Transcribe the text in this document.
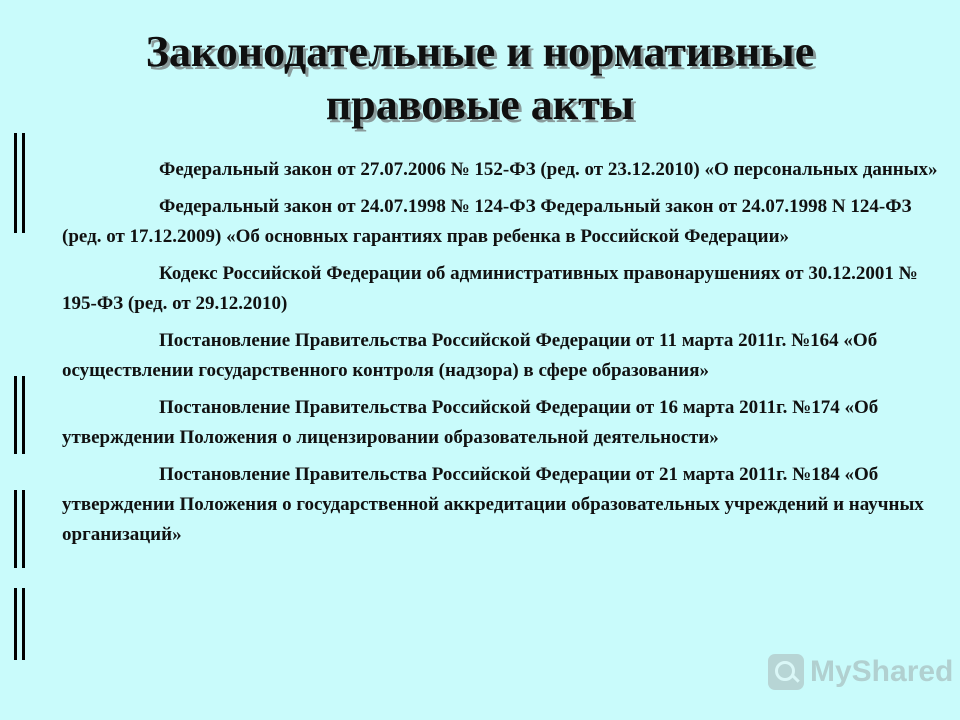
Законодательные и нормативные
правовые акты

Федеральный закон от 27.07.2006 № 152-ФЗ (ред. от 23.12.2010) «О персональных данных»

Федеральный закон от 24.07.1998 № 124-ФЗ Федеральный закон от 24.07.1998 N 124-ФЗ (ред. от 17.12.2009) «Об основных гарантиях прав ребенка в Российской Федерации»

Кодекс Российской Федерации об административных правонарушениях от 30.12.2001 № 195-ФЗ (ред. от 29.12.2010)

Постановление Правительства Российской Федерации от 11 марта 2011г. №164 «Об осуществлении государственного контроля (надзора) в сфере образования»

Постановление Правительства Российской Федерации от 16 марта 2011г. №174 «Об утверждении Положения о лицензировании образовательной деятельности»

Постановление Правительства Российской Федерации от 21 марта 2011г. №184 «Об утверждении Положения о государственной аккредитации образовательных учреждений и научных организаций»

MyShared
